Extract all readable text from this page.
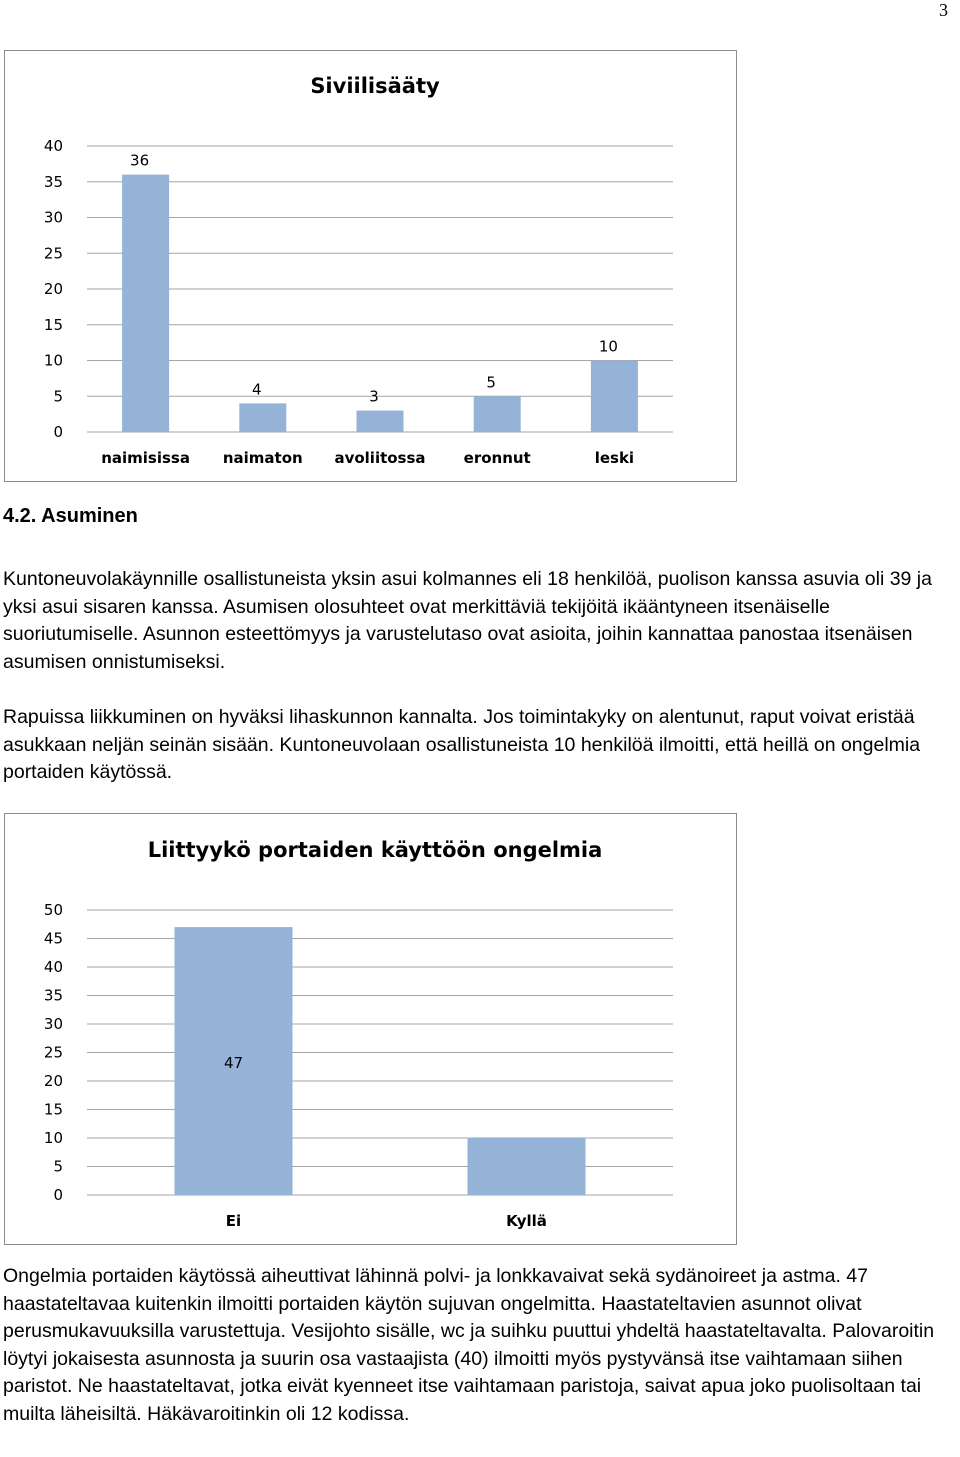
3
Siviilisääty
0
5
10
15
20
25
30
35
40
36
4	3
5
10
naimisissa naimaton avoliitossa	eronnut	leski
4.2. Asuminen

Kuntoneuvolakäynnille osallistuneista yksin asui kolmannes eli 18 henkilöä, puolison kanssa asuvia oli 39 ja yksi asui sisaren kanssa. Asumisen olosuhteet ovat merkittäviä tekijöitä ikääntyneen itsenäiselle suoriutumiselle. Asunnon esteettömyys ja varustelutaso ovat asioita, joihin kannattaa panostaa itsenäisen asumisen onnistumiseksi.

Rapuissa liikkuminen on hyväksi lihaskunnon kannalta. Jos toimintakyky on alentunut, raput voivat eristää asukkaan neljän seinän sisään. Kuntoneuvolaan osallistuneista 10 henkilöä ilmoitti, että heillä on ongelmia portaiden käytössä.

Liittyykö portaiden käyttöön ongelmia
0
5
10
15
20
25
30
35
40
45
50
47
Ei	Kyllä

Ongelmia portaiden käytössä aiheuttivat lähinnä polvi- ja lonkkavaivat sekä sydänoireet ja astma. 47 haastateltavaa kuitenkin ilmoitti portaiden käytön sujuvan ongelmitta. Haastateltavien asunnot olivat perusmukavuuksilla varustettuja. Vesijohto sisälle, wc ja suihku puuttui yhdeltä haastateltavalta. Palovaroitin löytyi jokaisesta asunnosta ja suurin osa vastaajista (40) ilmoitti myös pystyvänsä itse vaihtamaan siihen paristot. Ne haastateltavat, jotka eivät kyenneet itse vaihtamaan paristoja, saivat apua joko puolisoltaan tai muilta läheisiltä. Häkävaroitinkin oli 12 kodissa.
